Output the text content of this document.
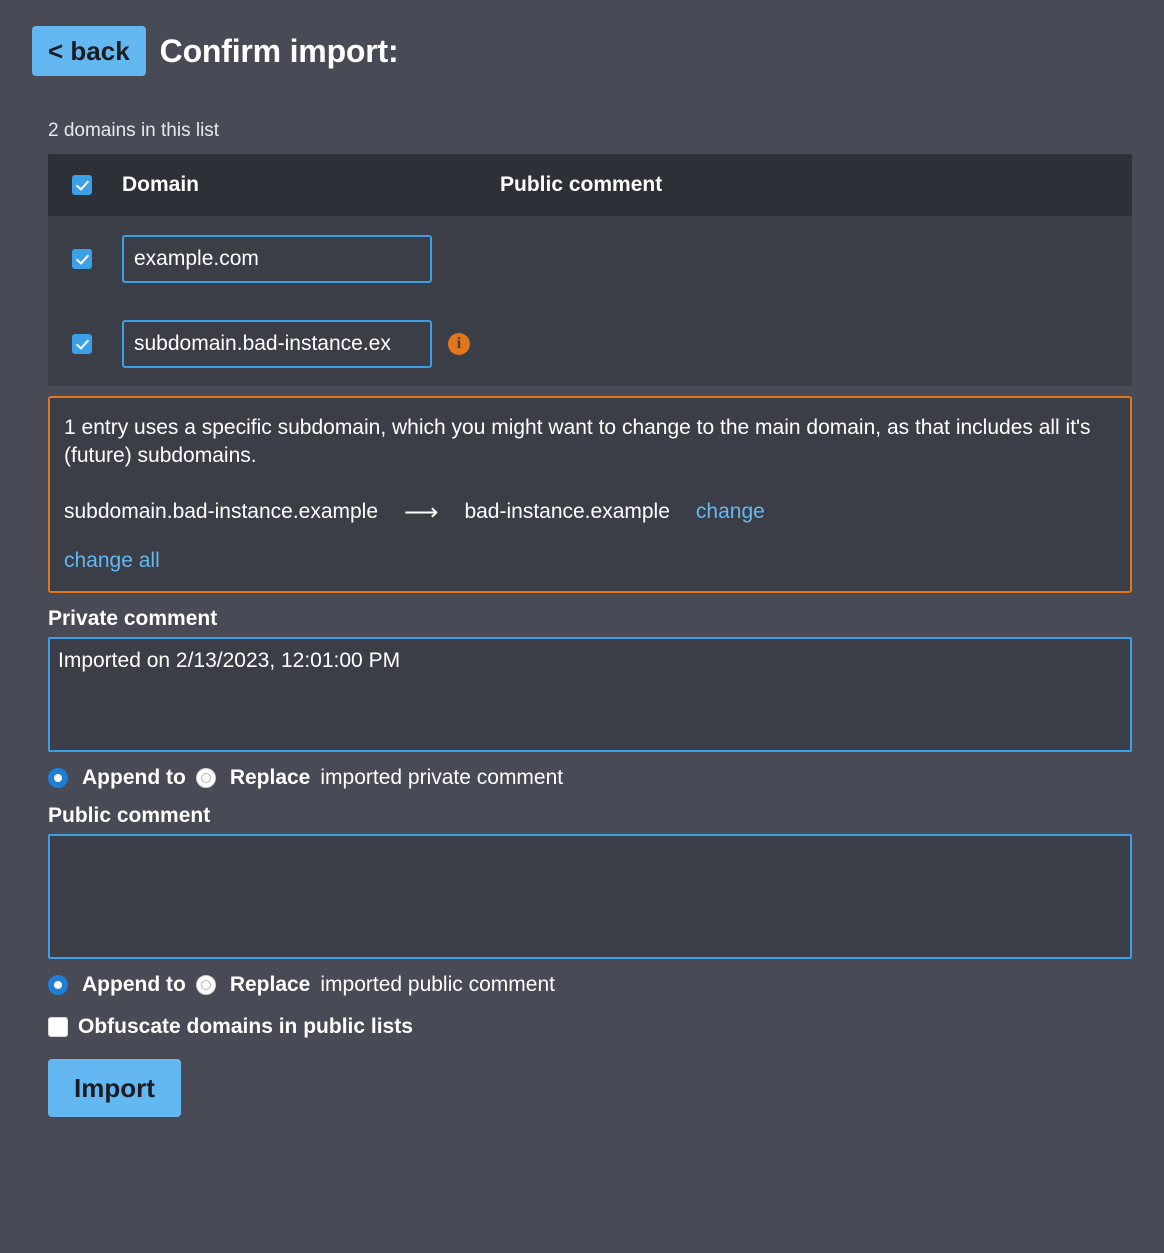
< back Confirm import:
2 domains in this list
Domain	Public comment
example.com
subdomain.bad-instance.ex
i
1 entry uses a specific subdomain, which you might want to change to the main domain, as that includes all it's (future) subdomains.
subdomain.bad-instance.example ⟶ bad-instance.example change
change all
Private comment
Imported on 2/13/2023, 12:01:00 PM
Append to Replace imported private comment
Public comment
Append to Replace imported public comment
Obfuscate domains in public lists
Import
